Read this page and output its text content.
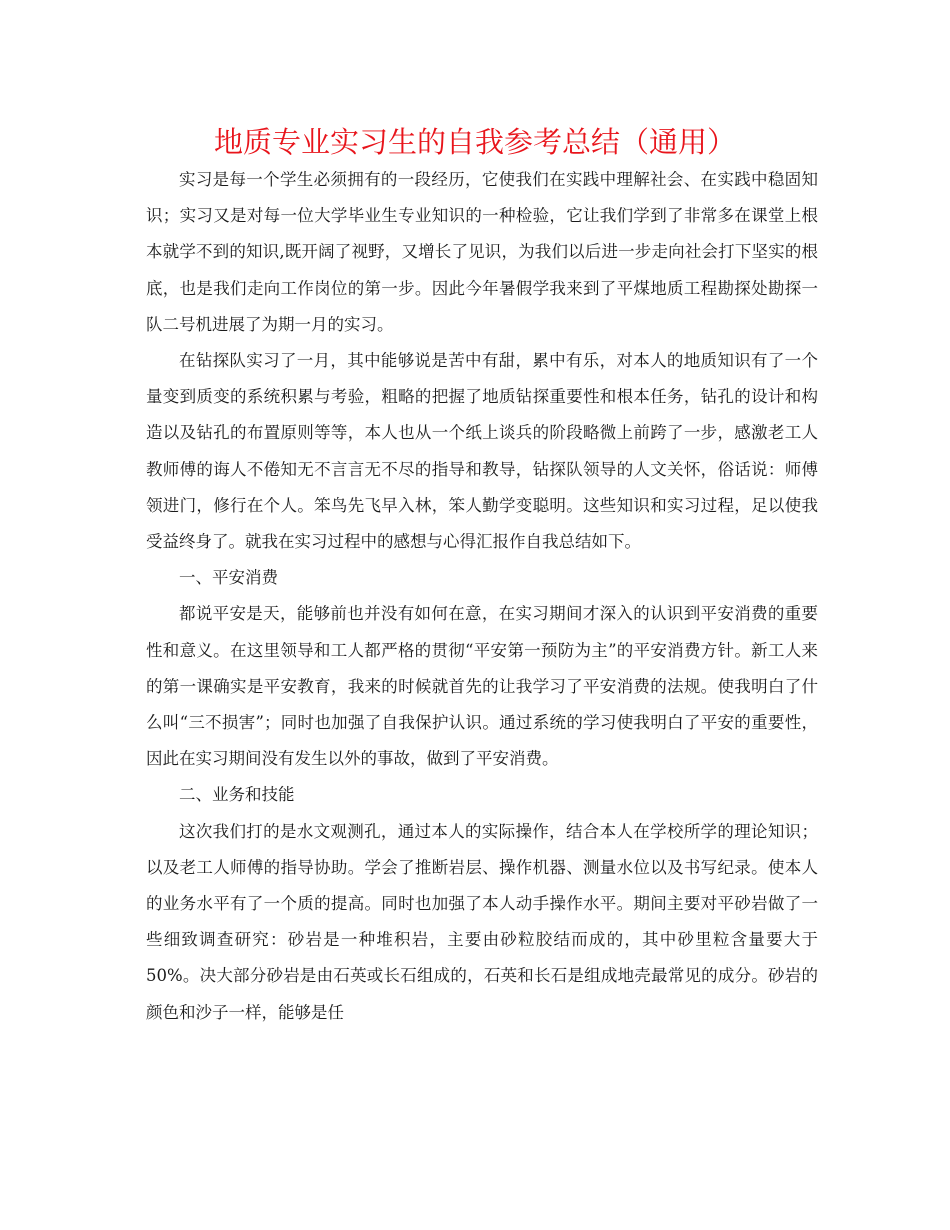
地质专业实习生的自我参考总结（通用）

实习是每一个学生必须拥有的一段经历，它使我们在实践中理解社会、在实践中稳固知识；实习又是对每一位大学毕业生专业知识的一种检验，它让我们学到了非常多在课堂上根本就学不到的知识,既开阔了视野，又增长了见识，为我们以后进一步走向社会打下坚实的根底，也是我们走向工作岗位的第一步。因此今年暑假学我来到了平煤地质工程勘探处勘探一队二号机进展了为期一月的实习。

在钻探队实习了一月，其中能够说是苦中有甜，累中有乐，对本人的地质知识有了一个量变到质变的系统积累与考验，粗略的把握了地质钻探重要性和根本任务，钻孔的设计和构造以及钻孔的布置原则等等，本人也从一个纸上谈兵的阶段略微上前跨了一步，感激老工人教师傅的诲人不倦知无不言言无不尽的指导和教导，钻探队领导的人文关怀，俗话说：师傅领进门，修行在个人。笨鸟先飞早入林，笨人勤学变聪明。这些知识和实习过程，足以使我受益终身了。就我在实习过程中的感想与心得汇报作自我总结如下。

一、平安消费

都说平安是天，能够前也并没有如何在意，在实习期间才深入的认识到平安消费的重要性和意义。在这里领导和工人都严格的贯彻“平安第一预防为主”的平安消费方针。新工人来的第一课确实是平安教育，我来的时候就首先的让我学习了平安消费的法规。使我明白了什么叫“三不损害”；同时也加强了自我保护认识。通过系统的学习使我明白了平安的重要性，因此在实习期间没有发生以外的事故，做到了平安消费。

二、业务和技能

这次我们打的是水文观测孔，通过本人的实际操作，结合本人在学校所学的理论知识；以及老工人师傅的指导协助。学会了推断岩层、操作机器、测量水位以及书写纪录。使本人的业务水平有了一个质的提高。同时也加强了本人动手操作水平。期间主要对平砂岩做了一些细致调查研究：砂岩是一种堆积岩，主要由砂粒胶结而成的，其中砂里粒含量要大于50%。决大部分砂岩是由石英或长石组成的，石英和长石是组成地壳最常见的成分。砂岩的颜色和沙子一样，能够是任
